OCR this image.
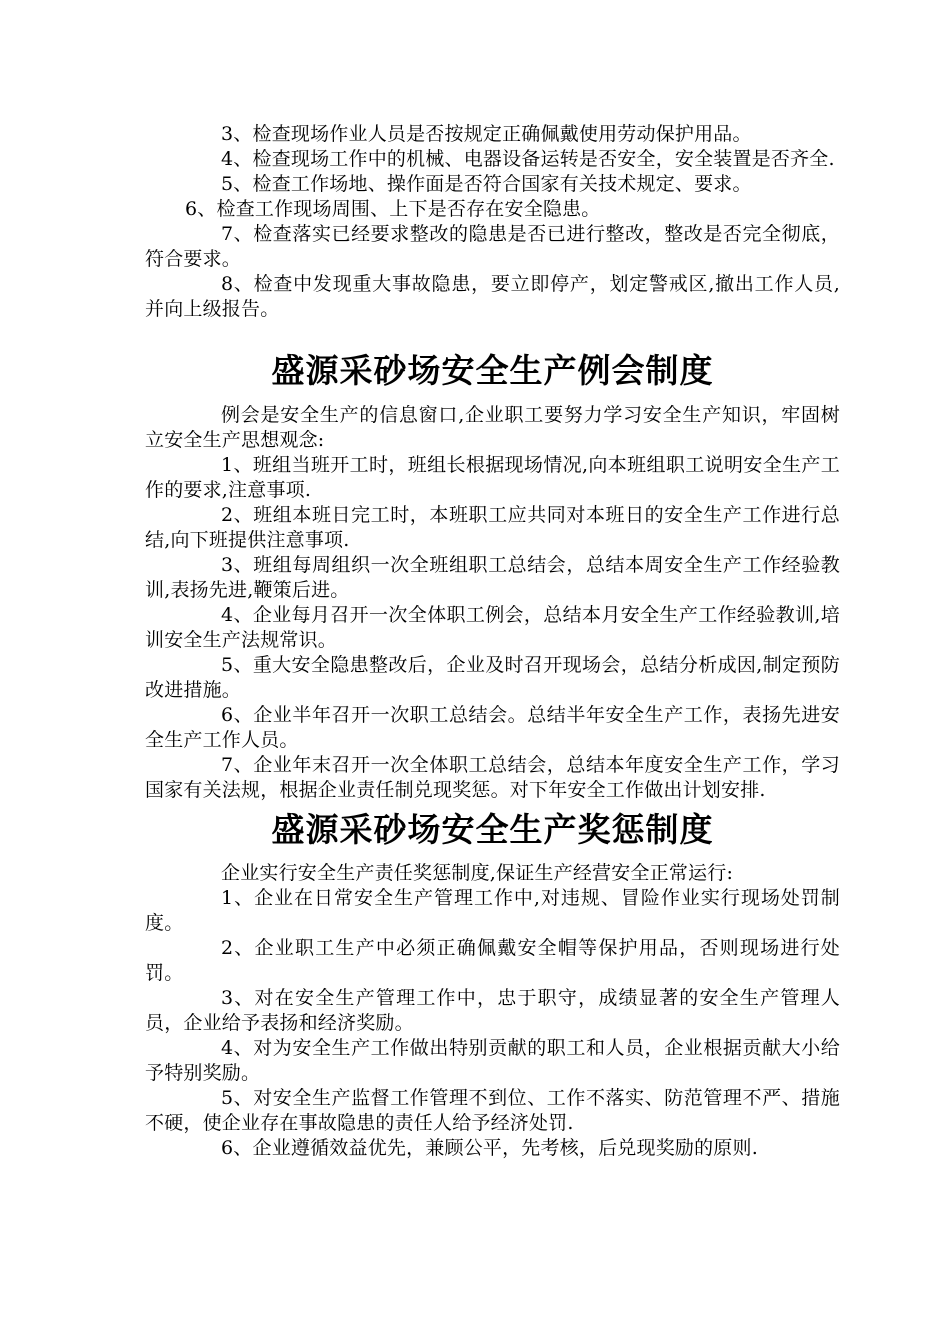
3、检查现场作业人员是否按规定正确佩戴使用劳动保护用品。

4、检查现场工作中的机械、电器设备运转是否安全，安全装置是否齐全.

5、检查工作场地、操作面是否符合国家有关技术规定、要求。

6、检查工作现场周围、上下是否存在安全隐患。

7、检查落实已经要求整改的隐患是否已进行整改，整改是否完全彻底，符合要求。

8、检查中发现重大事故隐患，要立即停产，划定警戒区,撤出工作人员,并向上级报告。

盛源采砂场安全生产例会制度

例会是安全生产的信息窗口,企业职工要努力学习安全生产知识，牢固树立安全生产思想观念:

1、班组当班开工时，班组长根据现场情况,向本班组职工说明安全生产工作的要求,注意事项.

2、班组本班日完工时，本班职工应共同对本班日的安全生产工作进行总结,向下班提供注意事项.

3、班组每周组织一次全班组职工总结会，总结本周安全生产工作经验教训,表扬先进,鞭策后进。

4、企业每月召开一次全体职工例会，总结本月安全生产工作经验教训,培训安全生产法规常识。

5、重大安全隐患整改后，企业及时召开现场会，总结分析成因,制定预防改进措施。

6、企业半年召开一次职工总结会。总结半年安全生产工作，表扬先进安全生产工作人员。

7、企业年末召开一次全体职工总结会，总结本年度安全生产工作，学习国家有关法规，根据企业责任制兑现奖惩。对下年安全工作做出计划安排.

盛源采砂场安全生产奖惩制度

企业实行安全生产责任奖惩制度,保证生产经营安全正常运行:

1、企业在日常安全生产管理工作中,对违规、冒险作业实行现场处罚制度。

2、企业职工生产中必须正确佩戴安全帽等保护用品，否则现场进行处罚。

3、对在安全生产管理工作中，忠于职守，成绩显著的安全生产管理人员，企业给予表扬和经济奖励。

4、对为安全生产工作做出特别贡献的职工和人员，企业根据贡献大小给予特别奖励。

5、对安全生产监督工作管理不到位、工作不落实、防范管理不严、措施不硬，使企业存在事故隐患的责任人给予经济处罚.

6、企业遵循效益优先，兼顾公平，先考核，后兑现奖励的原则.
